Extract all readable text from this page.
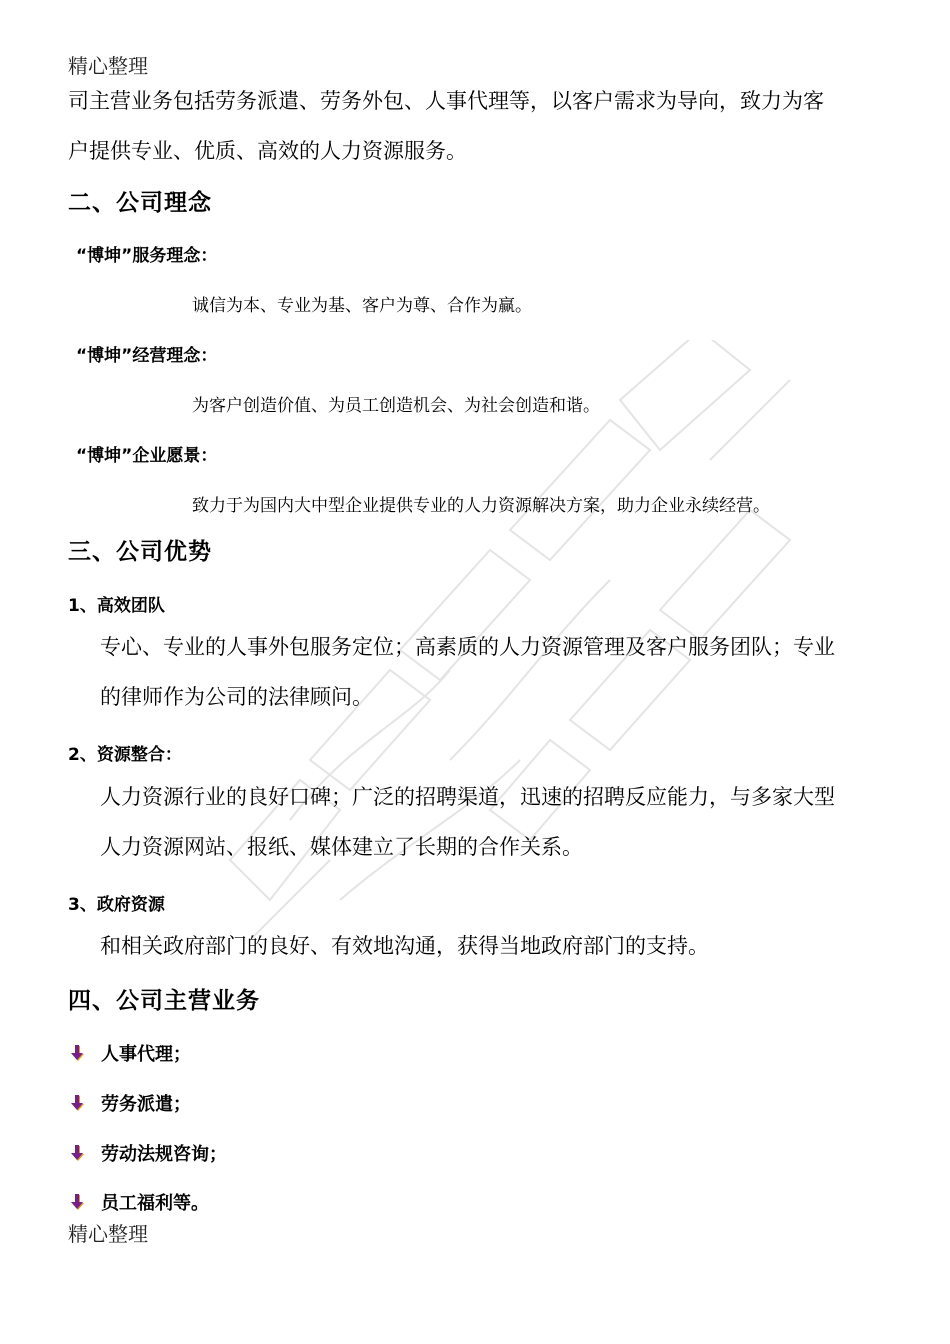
精心整理
司主营业务包括劳务派遣、劳务外包、人事代理等，以客户需求为导向，致力为客
户提供专业、优质、高效的人力资源服务。
二、公司理念
“博坤”服务理念：
诚信为本、专业为基、客户为尊、合作为赢。
“博坤”经营理念：
为客户创造价值、为员工创造机会、为社会创造和谐。
“博坤”企业愿景：
致力于为国内大中型企业提供专业的人力资源解决方案，助力企业永续经营。
三、公司优势
1、高效团队
专心、专业的人事外包服务定位；高素质的人力资源管理及客户服务团队；专业
的律师作为公司的法律顾问。
2、资源整合：
人力资源行业的良好口碑；广泛的招聘渠道，迅速的招聘反应能力，与多家大型
人力资源网站、报纸、媒体建立了长期的合作关系。
3、政府资源
和相关政府部门的良好、有效地沟通，获得当地政府部门的支持。
四、公司主营业务
人事代理；
劳务派遣；
劳动法规咨询；
员工福利等。
精心整理
